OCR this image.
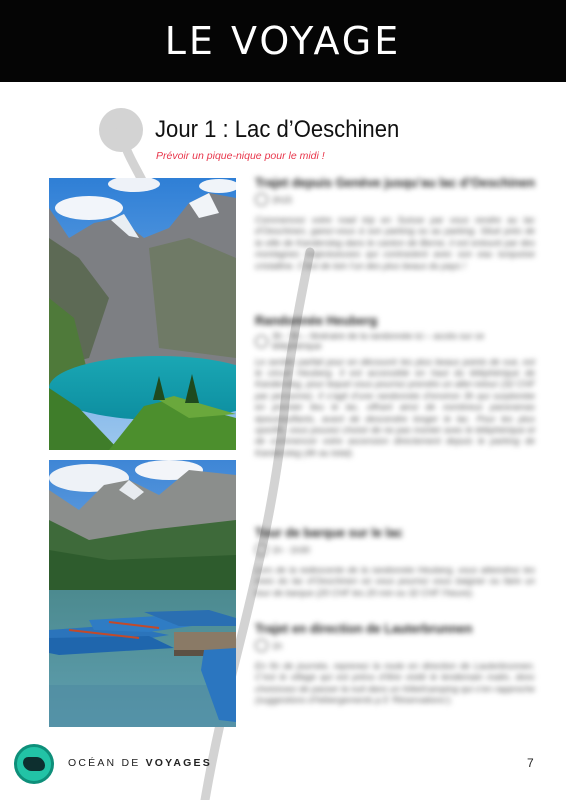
LE VOYAGE
Jour 1 : Lac d’Oeschinen
Prévoir un pique-nique pour le midi !
Trajet depuis Genève jusqu’au lac d’Oeschinen
2h15
Commencez votre road trip en Suisse par vous rendre au lac d’Oeschinen, garez-vous à son parking ou au parking. Situé près de la ville de Kandersteg dans le canton de Berne, il est entouré par des montagnes majestueuses qui contrastent avec son eau turquoise cristalline. C’est de loin l’un des plus beaux du pays !
Randonnée Heuberg
3h - 5h – Itinéraire de la randonnée ici – accès sur ce téléphérique
Le sentier parfait pour en découvrir les plus beaux points de vue, est le circuit Heuberg. Il est accessible en haut du téléphérique de Kandersteg, pour lequel vous pourrez prendre un aller-retour (32 CHF par personne). Il s’agit d’une randonnée d’environ 3h qui surplombe en premier lieu le lac, offrant ainsi de nombreux panoramas époustouflants, avant de descendre longer le lac. Pour les plus sportifs, vous pouvez choisir de ne pas monter avec le téléphérique et de commencer votre ascension directement depuis le parking de Kandersteg (4h au total).
Tour de barque sur le lac
1h - 1h30
Lors de la redescente de la randonnée Heuberg, vous atteindrez les rives du lac d’Oeschinen où vous pourrez vous baigner ou faire un tour de barque (20 CHF les 20 min ou 32 CHF l’heure).
Trajet en direction de Lauterbrunnen
1h
En fin de journée, reprenez la route en direction de Lauterbrunnen. C’est le village qui est prévu d’être visité le lendemain matin, donc choisissez de passer la nuit dans un hôtel/camping qui s’en rapproche (suggestions d’hébergements p.5 ‘Réservations’).
OCÉAN DE VOYAGES	7
